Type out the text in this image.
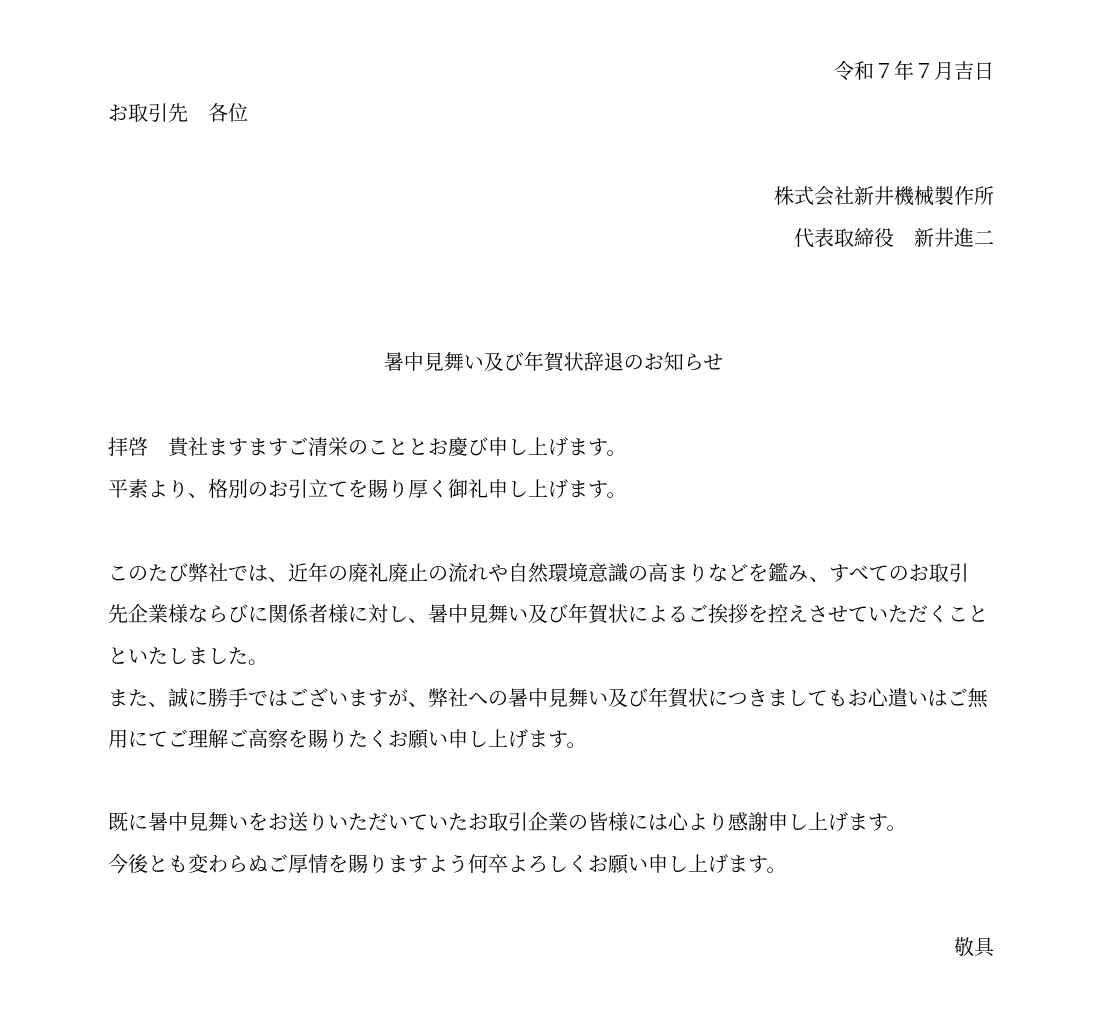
令和７年７月吉日
お取引先　各位
株式会社新井機械製作所
代表取締役　新井進二
暑中見舞い及び年賀状辞退のお知らせ
拝啓　貴社ますますご清栄のこととお慶び申し上げます。
平素より、格別のお引立てを賜り厚く御礼申し上げます。
このたび弊社では、近年の廃礼廃止の流れや自然環境意識の高まりなどを鑑み、すべてのお取引
先企業様ならびに関係者様に対し、暑中見舞い及び年賀状によるご挨拶を控えさせていただくこと
といたしました。
また、誠に勝手ではございますが、弊社への暑中見舞い及び年賀状につきましてもお心遣いはご無
用にてご理解ご高察を賜りたくお願い申し上げます。
既に暑中見舞いをお送りいただいていたお取引企業の皆様には心より感謝申し上げます。
今後とも変わらぬご厚情を賜りますよう何卒よろしくお願い申し上げます。
敬具
